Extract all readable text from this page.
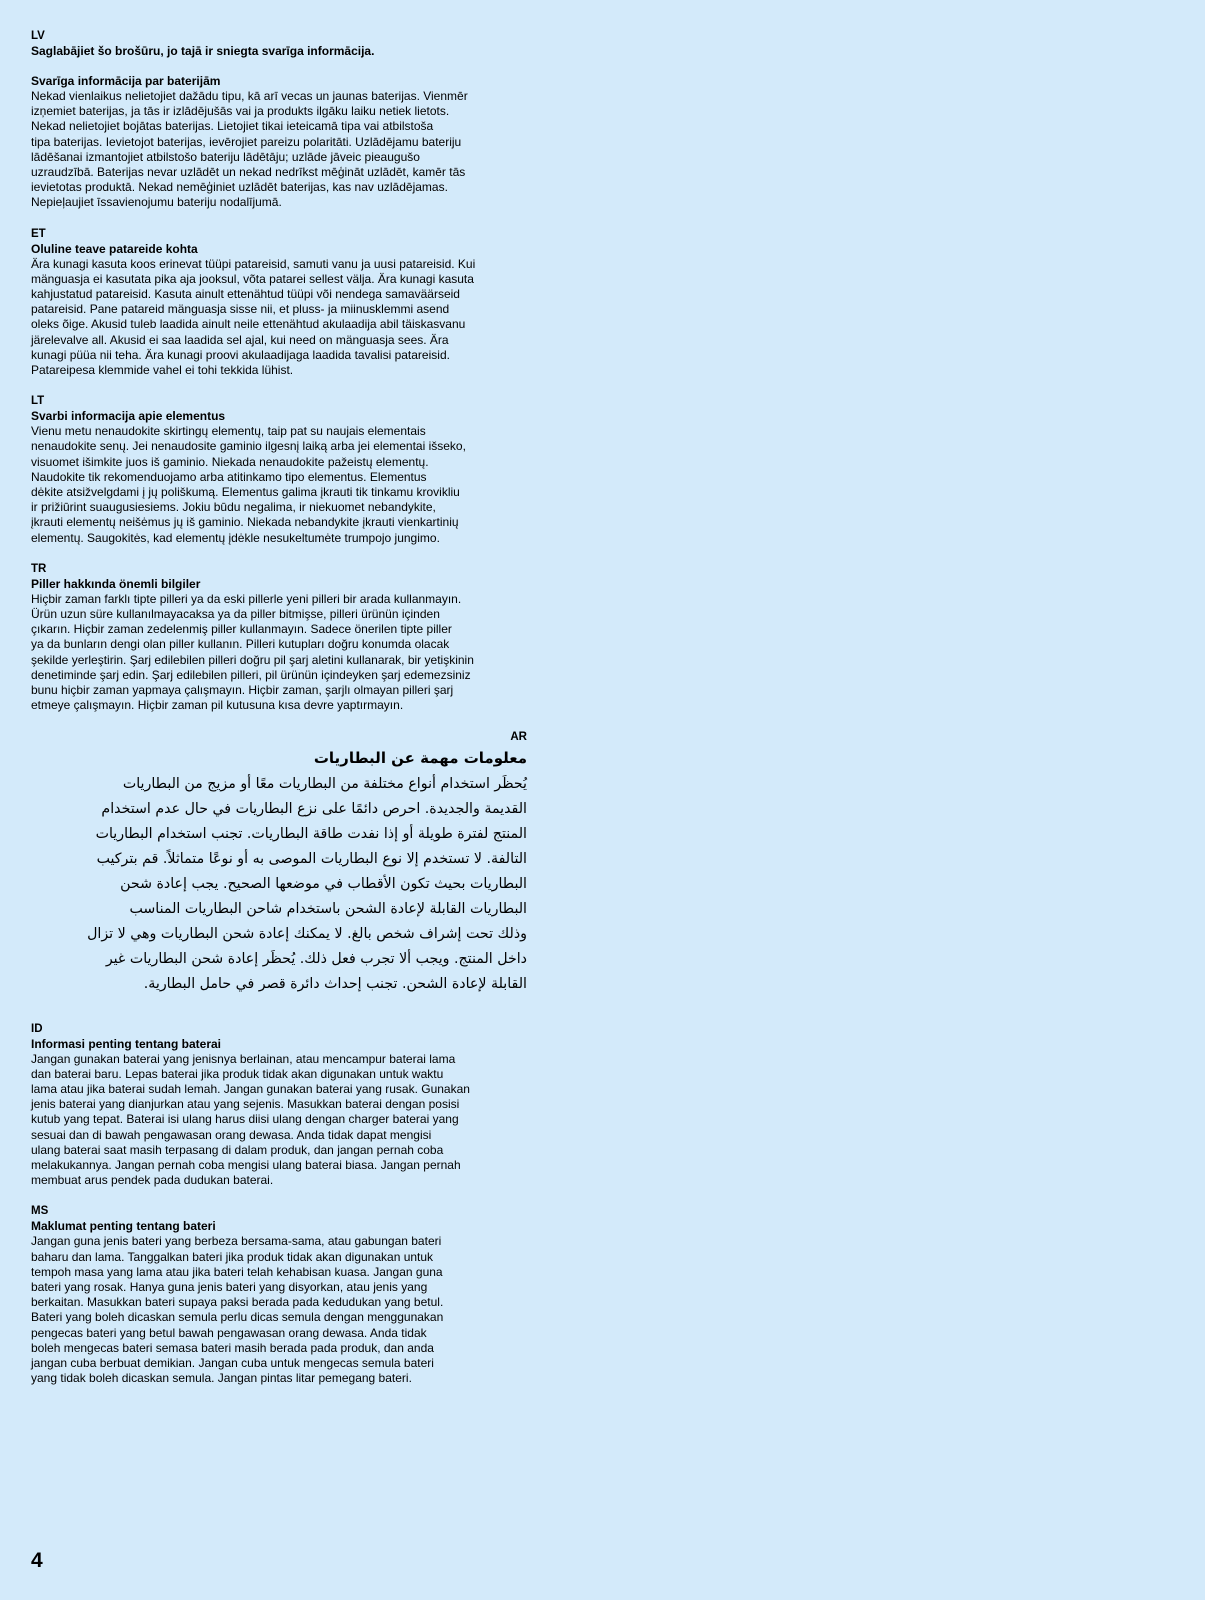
LV
Saglabājiet šo brošūru, jo tajā ir sniegta svarīga informācija.
Svarīga informācija par baterijām
Nekad vienlaikus nelietojiet dažādu tipu, kā arī vecas un jaunas baterijas. Vienmēr
izņemiet baterijas, ja tās ir izlādējušās vai ja produkts ilgāku laiku netiek lietots.
Nekad nelietojiet bojātas baterijas. Lietojiet tikai ieteicamā tipa vai atbilstoša
tipa baterijas. Ievietojot baterijas, ievērojiet pareizu polaritāti. Uzlādējamu bateriju
lādēšanai izmantojiet atbilstošo bateriju lādētāju; uzlāde jāveic pieaugušo
uzraudzībā. Baterijas nevar uzlādēt un nekad nedrīkst mēģināt uzlādēt, kamēr tās
ievietotas produktā. Nekad nemēģiniet uzlādēt baterijas, kas nav uzlādējamas.
Nepieļaujiet īssavienojumu bateriju nodalījumā.
ET
Oluline teave patareide kohta
Ära kunagi kasuta koos erinevat tüüpi patareisid, samuti vanu ja uusi patareisid. Kui
mänguasja ei kasutata pika aja jooksul, võta patarei sellest välja. Ära kunagi kasuta
kahjustatud patareisid. Kasuta ainult ettenähtud tüüpi või nendega samaväärseid
patareisid. Pane patareid mänguasja sisse nii, et pluss- ja miinusklemmi asend
oleks õige. Akusid tuleb laadida ainult neile ettenähtud akulaadija abil täiskasvanu
järelevalve all. Akusid ei saa laadida sel ajal, kui need on mänguasja sees. Ära
kunagi püüa nii teha. Ära kunagi proovi akulaadijaga laadida tavalisi patareisid.
Patareipesa klemmide vahel ei tohi tekkida lühist.
LT
Svarbi informacija apie elementus
Vienu metu nenaudokite skirtingų elementų, taip pat su naujais elementais
nenaudokite senų. Jei nenaudosite gaminio ilgesnį laiką arba jei elementai išseko,
visuomet išimkite juos iš gaminio. Niekada nenaudokite pažeistų elementų.
Naudokite tik rekomenduojamo arba atitinkamo tipo elementus. Elementus
dėkite atsižvelgdami į jų poliškumą. Elementus galima įkrauti tik tinkamu krovikliu
ir prižiūrint suaugusiesiems. Jokiu būdu negalima, ir niekuomet nebandykite,
įkrauti elementų neišėmus jų iš gaminio. Niekada nebandykite įkrauti vienkartinių
elementų. Saugokitės, kad elementų įdėkle nesukeltumėte trumpojo jungimo.
TR
Piller hakkında önemli bilgiler
Hiçbir zaman farklı tipte pilleri ya da eski pillerle yeni pilleri bir arada kullanmayın.
Ürün uzun süre kullanılmayacaksa ya da piller bitmişse, pilleri ürünün içinden
çıkarın. Hiçbir zaman zedelenmiş piller kullanmayın. Sadece önerilen tipte piller
ya da bunların dengi olan piller kullanın. Pilleri kutupları doğru konumda olacak
şekilde yerleştirin. Şarj edilebilen pilleri doğru pil şarj aletini kullanarak, bir yetişkinin
denetiminde şarj edin. Şarj edilebilen pilleri, pil ürünün içindeyken şarj edemezsiniz
bunu hiçbir zaman yapmaya çalışmayın. Hiçbir zaman, şarjlı olmayan pilleri şarj
etmeye çalışmayın. Hiçbir zaman pil kutusuna kısa devre yaptırmayın.
AR
معلومات مهمة عن البطاريات
يُحظَر استخدام أنواع مختلفة من البطاريات معًا أو مزيج من البطاريات
القديمة والجديدة. احرص دائمًا على نزع البطاريات في حال عدم استخدام
المنتج لفترة طويلة أو إذا نفدت طاقة البطاريات. تجنب استخدام البطاريات
التالفة. لا تستخدم إلا نوع البطاريات الموصى به أو نوعًا متماثلاً. قم بتركيب
البطاريات بحيث تكون الأقطاب في موضعها الصحيح. يجب إعادة شحن
البطاريات القابلة لإعادة الشحن باستخدام شاحن البطاريات المناسب
وذلك تحت إشراف شخص بالغ. لا يمكنك إعادة شحن البطاريات وهي لا تزال
داخل المنتج. ويجب ألا تجرب فعل ذلك. يُحظَر إعادة شحن البطاريات غير
القابلة لإعادة الشحن. تجنب إحداث دائرة قصر في حامل البطارية.
ID
Informasi penting tentang baterai
Jangan gunakan baterai yang jenisnya berlainan, atau mencampur baterai lama
dan baterai baru. Lepas baterai jika produk tidak akan digunakan untuk waktu
lama atau jika baterai sudah lemah. Jangan gunakan baterai yang rusak. Gunakan
jenis baterai yang dianjurkan atau yang sejenis. Masukkan baterai dengan posisi
kutub yang tepat. Baterai isi ulang harus diisi ulang dengan charger baterai yang
sesuai dan di bawah pengawasan orang dewasa. Anda tidak dapat mengisi
ulang baterai saat masih terpasang di dalam produk, dan jangan pernah coba
melakukannya. Jangan pernah coba mengisi ulang baterai biasa. Jangan pernah
membuat arus pendek pada dudukan baterai.
MS
Maklumat penting tentang bateri
Jangan guna jenis bateri yang berbeza bersama-sama, atau gabungan bateri
baharu dan lama. Tanggalkan bateri jika produk tidak akan digunakan untuk
tempoh masa yang lama atau jika bateri telah kehabisan kuasa. Jangan guna
bateri yang rosak. Hanya guna jenis bateri yang disyorkan, atau jenis yang
berkaitan. Masukkan bateri supaya paksi berada pada kedudukan yang betul.
Bateri yang boleh dicaskan semula perlu dicas semula dengan menggunakan
pengecas bateri yang betul bawah pengawasan orang dewasa. Anda tidak
boleh mengecas bateri semasa bateri masih berada pada produk, dan anda
jangan cuba berbuat demikian. Jangan cuba untuk mengecas semula bateri
yang tidak boleh dicaskan semula. Jangan pintas litar pemegang bateri.
4
